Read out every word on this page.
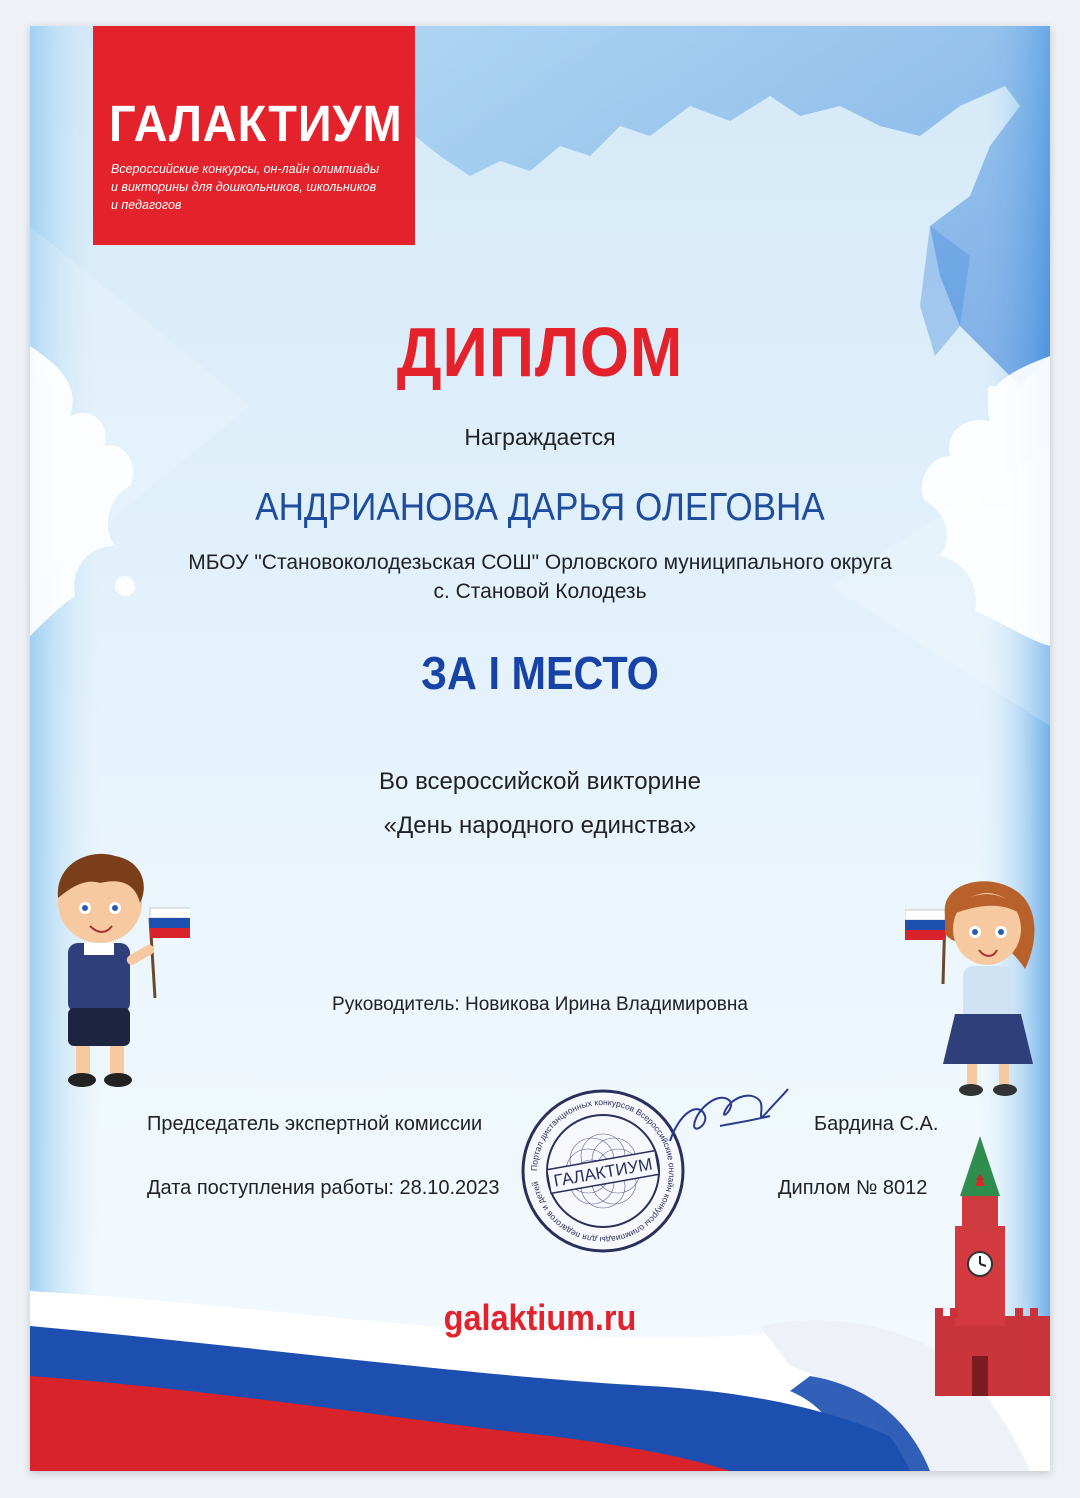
ГАЛАКТИУМ
Всероссийские конкурсы, он-лайн олимпиады
и викторины для дошкольников, школьников
и педагогов
ДИПЛОМ
Награждается
АНДРИАНОВА ДАРЬЯ ОЛЕГОВНА
МБОУ "Становоколодезьская СОШ" Орловского муниципального округа
с. Становой Колодезь
ЗА I МЕСТО
Во всероссийской викторине
«День народного единства»
Руководитель: Новикова Ирина Владимировна
Председатель экспертной комиссии	Бардина С.А.
Дата поступления работы: 28.10.2023	Диплом № 8012
Портал дистанционных конкурсов Всероссийские онлайн конкурсы олимпиады для педагогов и детей ГАЛАКТИУМ
galaktium.ru
